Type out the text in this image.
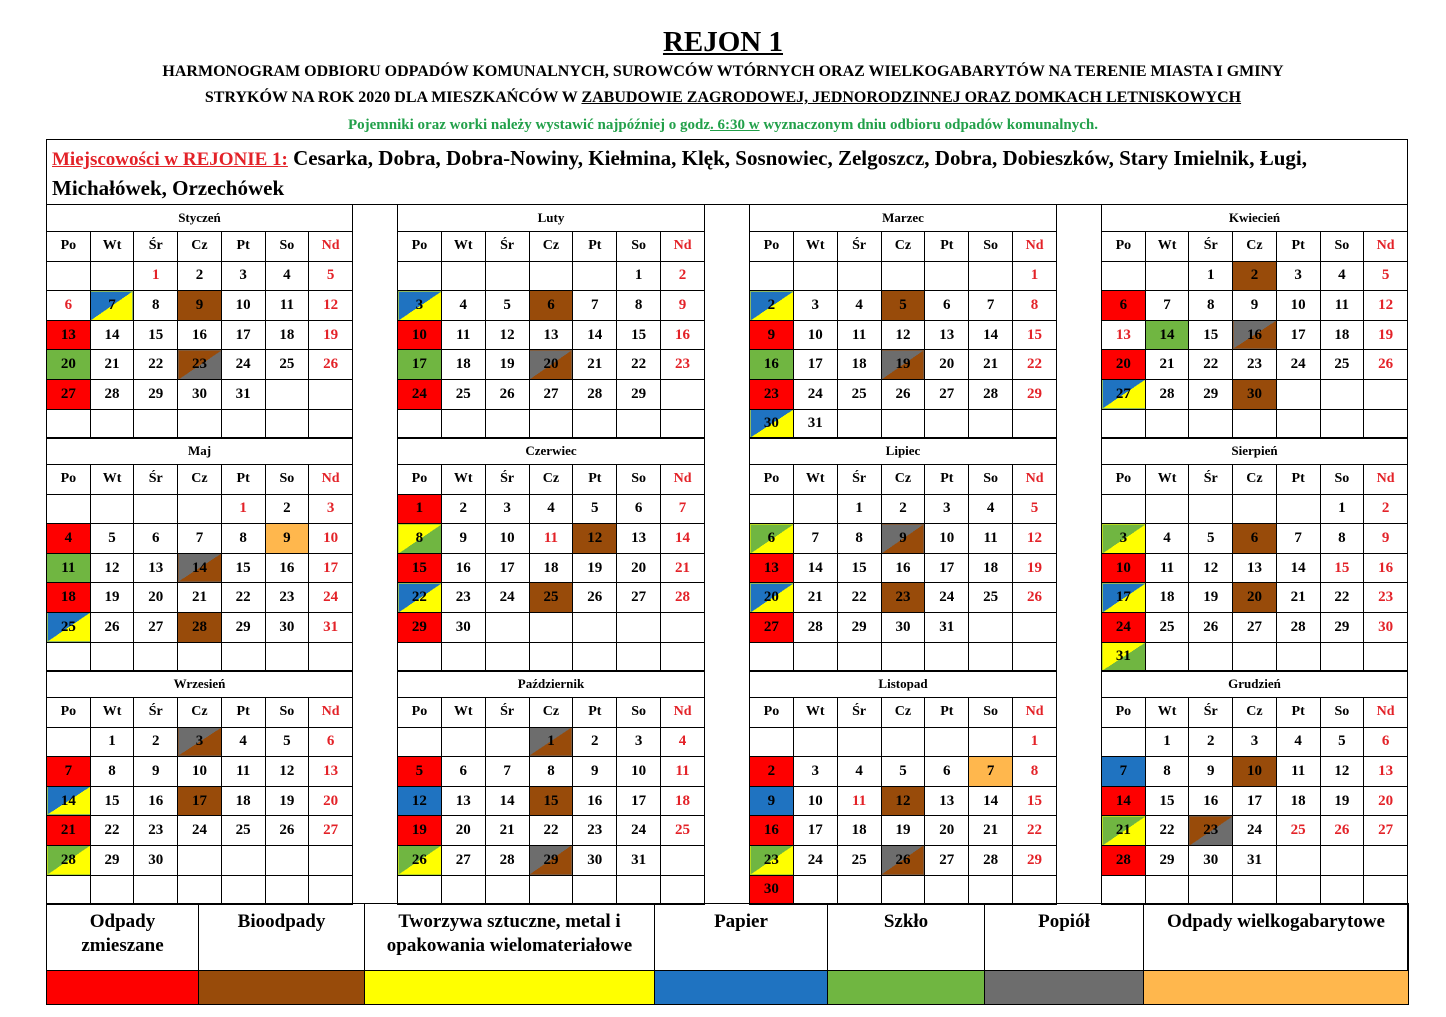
REJON 1
HARMONOGRAM ODBIORU ODPADÓW KOMUNALNYCH, SUROWCÓW WTÓRNYCH ORAZ WIELKOGABARYTÓW NA TERENIE MIASTA I GMINY
STRYKÓW NA ROK 2020 DLA MIESZKAŃCÓW W ZABUDOWIE ZAGRODOWEJ, JEDNORODZINNEJ ORAZ DOMKACH LETNISKOWYCH
Pojemniki oraz worki należy wystawić najpóźniej o godz. 6:30 w wyznaczonym dniu odbioru odpadów komunalnych.
Miejscowości w REJONIE 1: Cesarka, Dobra, Dobra-Nowiny, Kiełmina, Klęk, Sosnowiec, Zelgoszcz, Dobra, Dobieszków, Stary Imielnik, Ługi, Michałówek, Orzechówek
Styczeń						
Po	Wt	Śr	Cz	Pt	So	Nd
		1	2	3	4	5
6	7	8	9	10	11	12
13	14	15	16	17	18	19
20	21	22	23	24	25	26
27	28	29	30	31		

Luty						
Po	Wt	Śr	Cz	Pt	So	Nd
					1	2
3	4	5	6	7	8	9
10	11	12	13	14	15	16
17	18	19	20	21	22	23
24	25	26	27	28	29	

Marzec						
Po	Wt	Śr	Cz	Pt	So	Nd
						1
2	3	4	5	6	7	8
9	10	11	12	13	14	15
16	17	18	19	20	21	22
23	24	25	26	27	28	29
30	31					
Kwiecień						
Po	Wt	Śr	Cz	Pt	So	Nd
		1	2	3	4	5
6	7	8	9	10	11	12
13	14	15	16	17	18	19
20	21	22	23	24	25	26
27	28	29	30			

Maj						
Po	Wt	Śr	Cz	Pt	So	Nd
				1	2	3
4	5	6	7	8	9	10
11	12	13	14	15	16	17
18	19	20	21	22	23	24
25	26	27	28	29	30	31

Czerwiec						
Po	Wt	Śr	Cz	Pt	So	Nd
1	2	3	4	5	6	7
8	9	10	11	12	13	14
15	16	17	18	19	20	21
22	23	24	25	26	27	28
29	30					

Lipiec						
Po	Wt	Śr	Cz	Pt	So	Nd
		1	2	3	4	5
6	7	8	9	10	11	12
13	14	15	16	17	18	19
20	21	22	23	24	25	26
27	28	29	30	31		

Sierpień						
Po	Wt	Śr	Cz	Pt	So	Nd
					1	2
3	4	5	6	7	8	9
10	11	12	13	14	15	16
17	18	19	20	21	22	23
24	25	26	27	28	29	30
31						
Wrzesień						
Po	Wt	Śr	Cz	Pt	So	Nd
	1	2	3	4	5	6
7	8	9	10	11	12	13
14	15	16	17	18	19	20
21	22	23	24	25	26	27
28	29	30				

Październik						
Po	Wt	Śr	Cz	Pt	So	Nd
			1	2	3	4
5	6	7	8	9	10	11
12	13	14	15	16	17	18
19	20	21	22	23	24	25
26	27	28	29	30	31	

Listopad						
Po	Wt	Śr	Cz	Pt	So	Nd
						1
2	3	4	5	6	7	8
9	10	11	12	13	14	15
16	17	18	19	20	21	22
23	24	25	26	27	28	29
30						
Grudzień						
Po	Wt	Śr	Cz	Pt	So	Nd
	1	2	3	4	5	6
7	8	9	10	11	12	13
14	15	16	17	18	19	20
21	22	23	24	25	26	27
28	29	30	31			

Odpady zmieszane	Bioodpady	Tworzywa sztuczne, metal i opakowania wielomateriałowe	Papier	Szkło	Popiół	Odpady wielkogabarytowe
